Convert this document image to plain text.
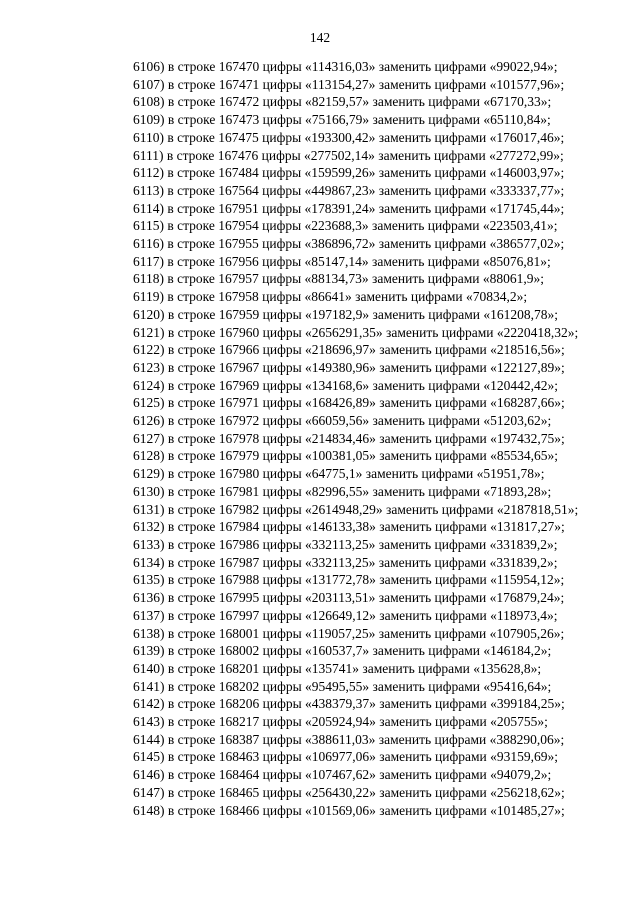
142
6106) в строке 167470 цифры «114316,03» заменить цифрами «99022,94»;
6107) в строке 167471 цифры «113154,27» заменить цифрами «101577,96»;
6108) в строке 167472 цифры «82159,57» заменить цифрами «67170,33»;
6109) в строке 167473 цифры «75166,79» заменить цифрами «65110,84»;
6110) в строке 167475 цифры «193300,42» заменить цифрами «176017,46»;
6111) в строке 167476 цифры «277502,14» заменить цифрами «277272,99»;
6112) в строке 167484 цифры «159599,26» заменить цифрами «146003,97»;
6113) в строке 167564 цифры «449867,23» заменить цифрами «333337,77»;
6114) в строке 167951 цифры «178391,24» заменить цифрами «171745,44»;
6115) в строке 167954 цифры «223688,3» заменить цифрами «223503,41»;
6116) в строке 167955 цифры «386896,72» заменить цифрами «386577,02»;
6117) в строке 167956 цифры «85147,14» заменить цифрами «85076,81»;
6118) в строке 167957 цифры «88134,73» заменить цифрами «88061,9»;
6119) в строке 167958 цифры «86641» заменить цифрами «70834,2»;
6120) в строке 167959 цифры «197182,9» заменить цифрами «161208,78»;
6121) в строке 167960 цифры «2656291,35» заменить цифрами «2220418,32»;
6122) в строке 167966 цифры «218696,97» заменить цифрами «218516,56»;
6123) в строке 167967 цифры «149380,96» заменить цифрами «122127,89»;
6124) в строке 167969 цифры «134168,6» заменить цифрами «120442,42»;
6125) в строке 167971 цифры «168426,89» заменить цифрами «168287,66»;
6126) в строке 167972 цифры «66059,56» заменить цифрами «51203,62»;
6127) в строке 167978 цифры «214834,46» заменить цифрами «197432,75»;
6128) в строке 167979 цифры «100381,05» заменить цифрами «85534,65»;
6129) в строке 167980 цифры «64775,1» заменить цифрами «51951,78»;
6130) в строке 167981 цифры «82996,55» заменить цифрами «71893,28»;
6131) в строке 167982 цифры «2614948,29» заменить цифрами «2187818,51»;
6132) в строке 167984 цифры «146133,38» заменить цифрами «131817,27»;
6133) в строке 167986 цифры «332113,25» заменить цифрами «331839,2»;
6134) в строке 167987 цифры «332113,25» заменить цифрами «331839,2»;
6135) в строке 167988 цифры «131772,78» заменить цифрами «115954,12»;
6136) в строке 167995 цифры «203113,51» заменить цифрами «176879,24»;
6137) в строке 167997 цифры «126649,12» заменить цифрами «118973,4»;
6138) в строке 168001 цифры «119057,25» заменить цифрами «107905,26»;
6139) в строке 168002 цифры «160537,7» заменить цифрами «146184,2»;
6140) в строке 168201 цифры «135741» заменить цифрами «135628,8»;
6141) в строке 168202 цифры «95495,55» заменить цифрами «95416,64»;
6142) в строке 168206 цифры «438379,37» заменить цифрами «399184,25»;
6143) в строке 168217 цифры «205924,94» заменить цифрами «205755»;
6144) в строке 168387 цифры «388611,03» заменить цифрами «388290,06»;
6145) в строке 168463 цифры «106977,06» заменить цифрами «93159,69»;
6146) в строке 168464 цифры «107467,62» заменить цифрами «94079,2»;
6147) в строке 168465 цифры «256430,22» заменить цифрами «256218,62»;
6148) в строке 168466 цифры «101569,06» заменить цифрами «101485,27»;
